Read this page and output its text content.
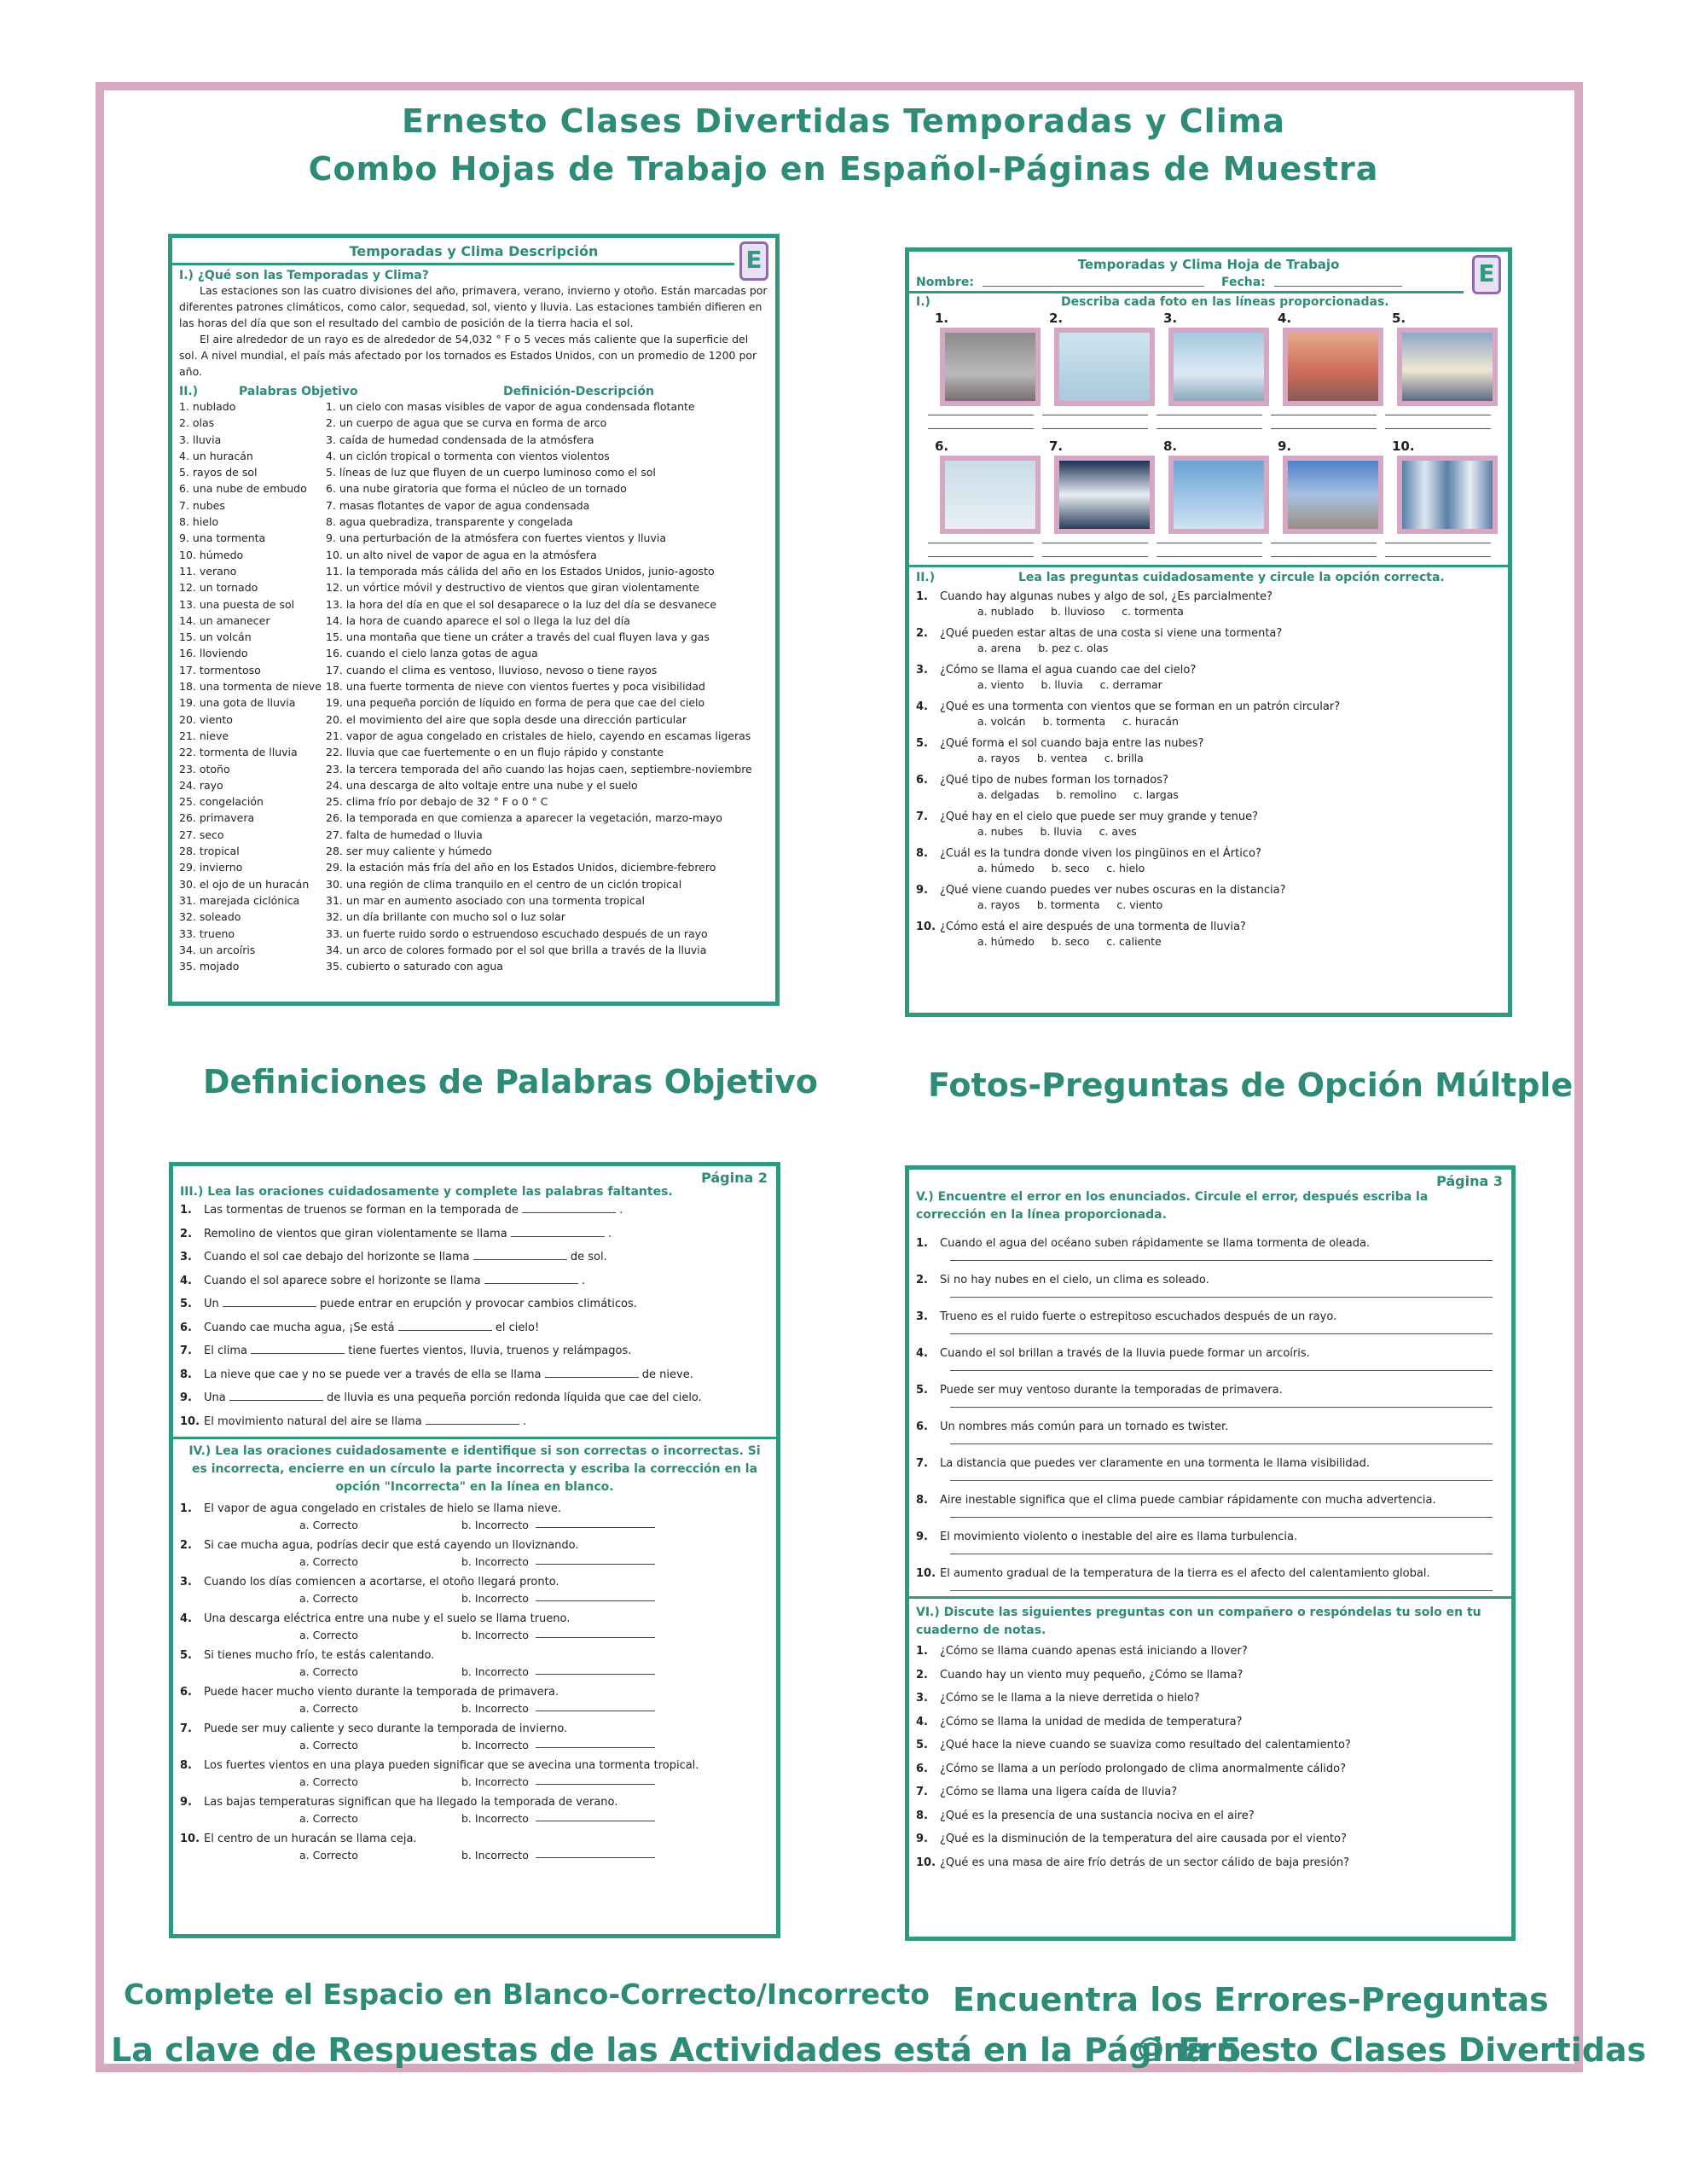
Ernesto Clases Divertidas Temporadas y Clima
Combo Hojas de Trabajo en Español-Páginas de Muestra
E
Temporadas y Clima Descripción
I.) ¿Qué son las Temporadas y Clima?

Las estaciones son las cuatro divisiones del año, primavera, verano, invierno y otoño. Están marcadas por diferentes patrones climáticos, como calor, sequedad, sol, viento y lluvia. Las estaciones también difieren en las horas del día que son el resultado del cambio de posición de la tierra hacia el sol.

El aire alrededor de un rayo es de alrededor de 54,032 ° F o 5 veces más caliente que la superficie del sol. A nivel mundial, el país más afectado por los tornados es Estados Unidos, con un promedio de 1200 por año.

II.)	Palabras Objetivo	Definición-Descripción
1. nublado	1. un cielo con masas visibles de vapor de agua condensada flotante
2. olas	2. un cuerpo de agua que se curva en forma de arco
3. lluvia	3. caída de humedad condensada de la atmósfera
4. un huracán	4. un ciclón tropical o tormenta con vientos violentos
5. rayos de sol	5. líneas de luz que fluyen de un cuerpo luminoso como el sol
6. una nube de embudo	6. una nube giratoria que forma el núcleo de un tornado
7. nubes	7. masas flotantes de vapor de agua condensada
8. hielo	8. agua quebradiza, transparente y congelada
9. una tormenta	9. una perturbación de la atmósfera con fuertes vientos y lluvia
10. húmedo	10. un alto nivel de vapor de agua en la atmósfera
11. verano	11. la temporada más cálida del año en los Estados Unidos, junio-agosto
12. un tornado	12. un vórtice móvil y destructivo de vientos que giran violentamente
13. una puesta de sol	13. la hora del día en que el sol desaparece o la luz del día se desvanece
14. un amanecer	14. la hora de cuando aparece el sol o llega la luz del día
15. un volcán	15. una montaña que tiene un cráter a través del cual fluyen lava y gas
16. lloviendo	16. cuando el cielo lanza gotas de agua
17. tormentoso	17. cuando el clima es ventoso, lluvioso, nevoso o tiene rayos
18. una tormenta de nieve 18. una fuerte tormenta de nieve con vientos fuertes y poca visibilidad
19. una gota de lluvia	19. una pequeña porción de líquido en forma de pera que cae del cielo
20. viento	20. el movimiento del aire que sopla desde una dirección particular
21. nieve	21. vapor de agua congelado en cristales de hielo, cayendo en escamas ligeras
22. tormenta de lluvia	22. lluvia que cae fuertemente o en un flujo rápido y constante
23. otoño	23. la tercera temporada del año cuando las hojas caen, septiembre-noviembre
24. rayo	24. una descarga de alto voltaje entre una nube y el suelo
25. congelación	25. clima frío por debajo de 32 ° F o 0 ° C
26. primavera	26. la temporada en que comienza a aparecer la vegetación, marzo-mayo
27. seco	27. falta de humedad o lluvia
28. tropical	28. ser muy caliente y húmedo
29. invierno	29. la estación más fría del año en los Estados Unidos, diciembre-febrero
30. el ojo de un huracán	30. una región de clima tranquilo en el centro de un ciclón tropical
31. marejada ciclónica	31. un mar en aumento asociado con una tormenta tropical
32. soleado	32. un día brillante con mucho sol o luz solar
33. trueno	33. un fuerte ruido sordo o estruendoso escuchado después de un rayo
34. un arcoíris	34. un arco de colores formado por el sol que brilla a través de la lluvia
35. mojado	35. cubierto o saturado con agua
E
Temporadas y Clima Hoja de Trabajo
Nombre:	Fecha:
I.)	Describa cada foto en las líneas proporcionadas.
1.	2.	3.	4.	5.
6.	7.	8.	9.	10.
II.)	Lea las preguntas cuidadosamente y circule la opción correcta.
1. Cuando hay algunas nubes y algo de sol, ¿Es parcialmente?
a. nublado     b. lluvioso     c. tormenta
2. ¿Qué pueden estar altas de una costa si viene una tormenta?
a. arena     b. pez c. olas
3. ¿Cómo se llama el agua cuando cae del cielo?
a. viento     b. lluvia     c. derramar
4. ¿Qué es una tormenta con vientos que se forman en un patrón circular?
a. volcán     b. tormenta     c. huracán
5. ¿Qué forma el sol cuando baja entre las nubes?
a. rayos     b. ventea     c. brilla
6. ¿Qué tipo de nubes forman los tornados?
a. delgadas     b. remolino     c. largas
7. ¿Qué hay en el cielo que puede ser muy grande y tenue?
a. nubes     b. lluvia     c. aves
8. ¿Cuál es la tundra donde viven los pingüinos en el Ártico?
a. húmedo     b. seco     c. hielo
9. ¿Qué viene cuando puedes ver nubes oscuras en la distancia?
a. rayos     b. tormenta     c. viento
10. ¿Cómo está el aire después de una tormenta de lluvia?
a. húmedo     b. seco     c. caliente
Definiciones de Palabras Objetivo	Fotos-Preguntas de Opción Múltple
Página 2
III.) Lea las oraciones cuidadosamente y complete las palabras faltantes.
1. Las tormentas de truenos se forman en la temporada de	.
2. Remolino de vientos que giran violentamente se llama	.
3. Cuando el sol cae debajo del horizonte se llama	de sol.
4. Cuando el sol aparece sobre el horizonte se llama	.
5. Un	puede entrar en erupción y provocar cambios climáticos.
6. Cuando cae mucha agua, ¡Se está	el cielo!
7. El clima	tiene fuertes vientos, lluvia, truenos y relámpagos.
8. La nieve que cae y no se puede ver a través de ella se llama	de nieve.
9. Una	de lluvia es una pequeña porción redonda líquida que cae del cielo.
10. El movimiento natural del aire se llama	.
IV.) Lea las oraciones cuidadosamente e identifique si son correctas o incorrectas. Si es incorrecta, encierre en un círculo la parte incorrecta y escriba la corrección en la opción "Incorrecta" en la línea en blanco.
1. El vapor de agua congelado en cristales de hielo se llama nieve.
a. Correcto	b. Incorrecto
2. Si cae mucha agua, podrías decir que está cayendo un lloviznando.
a. Correcto	b. Incorrecto
3. Cuando los días comiencen a acortarse, el otoño llegará pronto.
a. Correcto	b. Incorrecto
4. Una descarga eléctrica entre una nube y el suelo se llama trueno.
a. Correcto	b. Incorrecto
5. Si tienes mucho frío, te estás calentando.
a. Correcto	b. Incorrecto
6. Puede hacer mucho viento durante la temporada de primavera.
a. Correcto	b. Incorrecto
7. Puede ser muy caliente y seco durante la temporada de invierno.
a. Correcto	b. Incorrecto
8. Los fuertes vientos en una playa pueden significar que se avecina una tormenta tropical.
a. Correcto	b. Incorrecto
9. Las bajas temperaturas significan que ha llegado la temporada de verano.
a. Correcto	b. Incorrecto
10. El centro de un huracán se llama ceja.
a. Correcto	b. Incorrecto
Página 3
V.) Encuentre el error en los enunciados. Circule el error, después escriba la corrección en la línea proporcionada.
1. Cuando el agua del océano suben rápidamente se llama tormenta de oleada.
2. Si no hay nubes en el cielo, un clima es soleado.
3. Trueno es el ruido fuerte o estrepitoso escuchados después de un rayo.
4. Cuando el sol brillan a través de la lluvia puede formar un arcoíris.
5. Puede ser muy ventoso durante la temporadas de primavera.
6. Un nombres más común para un tornado es twister.
7. La distancia que puedes ver claramente en una tormenta le llama visibilidad.
8. Aire inestable significa que el clima puede cambiar rápidamente con mucha advertencia.
9. El movimiento violento o inestable del aire es llama turbulencia.
10. El aumento gradual de la temperatura de la tierra es el afecto del calentamiento global.
VI.) Discute las siguientes preguntas con un compañero o respóndelas tu solo en tu cuaderno de notas.
1. ¿Cómo se llama cuando apenas está iniciando a llover?
2. Cuando hay un viento muy pequeño, ¿Cómo se llama?
3. ¿Cómo se le llama a la nieve derretida o hielo?
4. ¿Cómo se llama la unidad de medida de temperatura?
5. ¿Qué hace la nieve cuando se suaviza como resultado del calentamiento?
6. ¿Cómo se llama a un período prolongado de clima anormalmente cálido?
7. ¿Cómo se llama una ligera caída de lluvia?
8. ¿Qué es la presencia de una sustancia nociva en el aire?
9. ¿Qué es la disminución de la temperatura del aire causada por el viento?
10. ¿Qué es una masa de aire frío detrás de un sector cálido de baja presión?
Complete el Espacio en Blanco-Correcto/Incorrecto Encuentra los Errores-Preguntas
La clave de Respuestas de las Actividades está en la Página 5
© Ernesto Clases Divertidas
